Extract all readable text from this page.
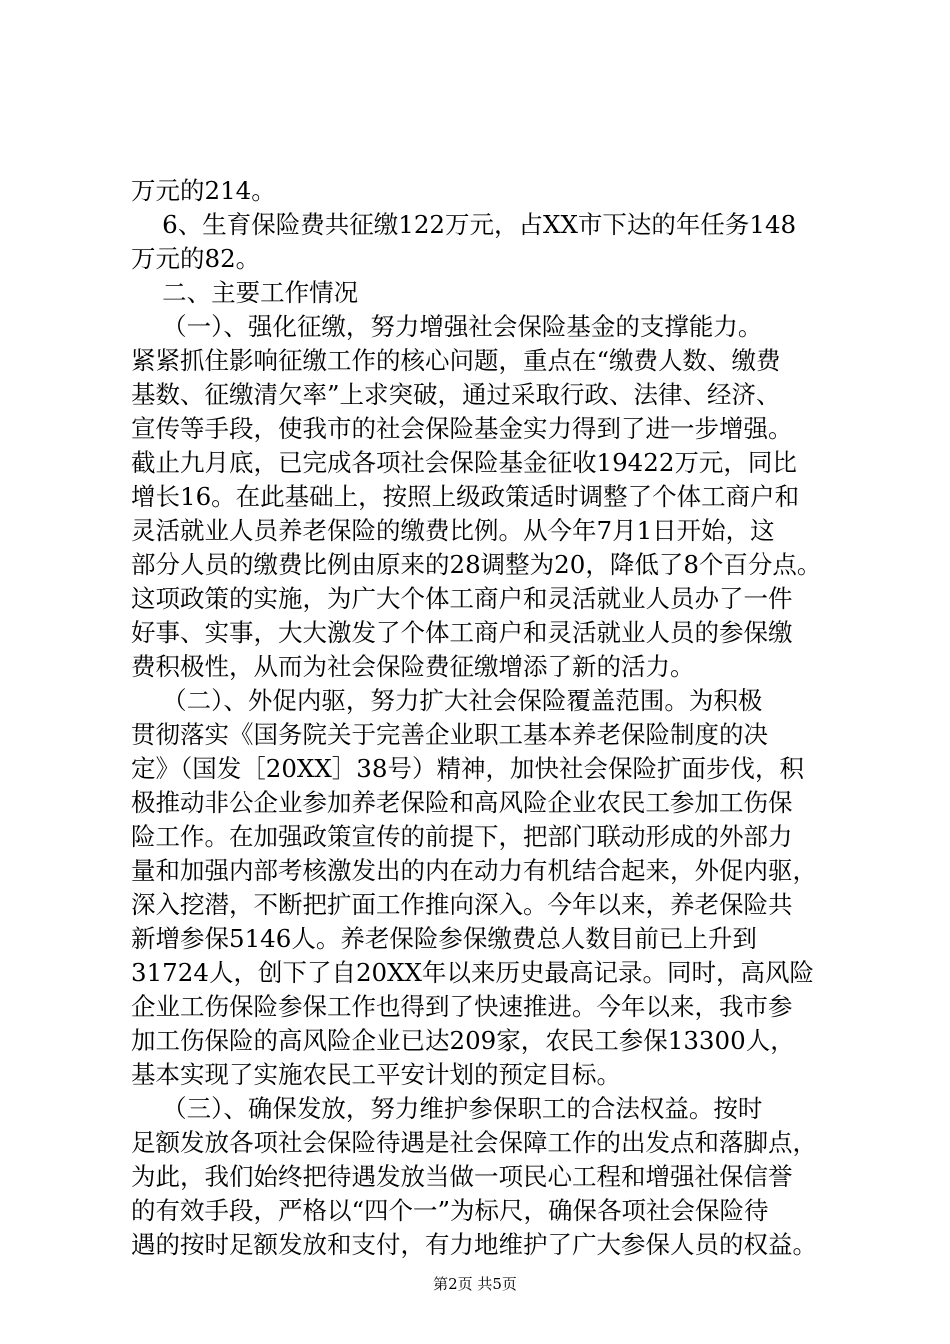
万元的214。
6、生育保险费共征缴122万元，占XX市下达的年任务148
万元的82。
二、主要工作情况
（一）、强化征缴，努力增强社会保险基金的支撑能力。
紧紧抓住影响征缴工作的核心问题，重点在“缴费人数、缴费
基数、征缴清欠率”上求突破，通过采取行政、法律、经济、
宣传等手段，使我市的社会保险基金实力得到了进一步增强。
截止九月底，已完成各项社会保险基金征收19422万元，同比
增长16。在此基础上，按照上级政策适时调整了个体工商户和
灵活就业人员养老保险的缴费比例。从今年7月1日开始，这
部分人员的缴费比例由原来的28调整为20，降低了8个百分点。
这项政策的实施，为广大个体工商户和灵活就业人员办了一件
好事、实事，大大激发了个体工商户和灵活就业人员的参保缴
费积极性，从而为社会保险费征缴增添了新的活力。
（二）、外促内驱，努力扩大社会保险覆盖范围。为积极
贯彻落实《国务院关于完善企业职工基本养老保险制度的决
定》（国发［20XX］38号）精神，加快社会保险扩面步伐，积
极推动非公企业参加养老保险和高风险企业农民工参加工伤保
险工作。在加强政策宣传的前提下，把部门联动形成的外部力
量和加强内部考核激发出的内在动力有机结合起来，外促内驱，
深入挖潜，不断把扩面工作推向深入。今年以来，养老保险共
新增参保5146人。养老保险参保缴费总人数目前已上升到
31724人，创下了自20XX年以来历史最高记录。同时，高风险
企业工伤保险参保工作也得到了快速推进。今年以来，我市参
加工伤保险的高风险企业已达209家，农民工参保13300人，
基本实现了实施农民工平安计划的预定目标。
（三）、确保发放，努力维护参保职工的合法权益。按时
足额发放各项社会保险待遇是社会保障工作的出发点和落脚点，
为此，我们始终把待遇发放当做一项民心工程和增强社保信誉
的有效手段，严格以“四个一”为标尺，确保各项社会保险待
遇的按时足额发放和支付，有力地维护了广大参保人员的权益。
第2页 共5页
